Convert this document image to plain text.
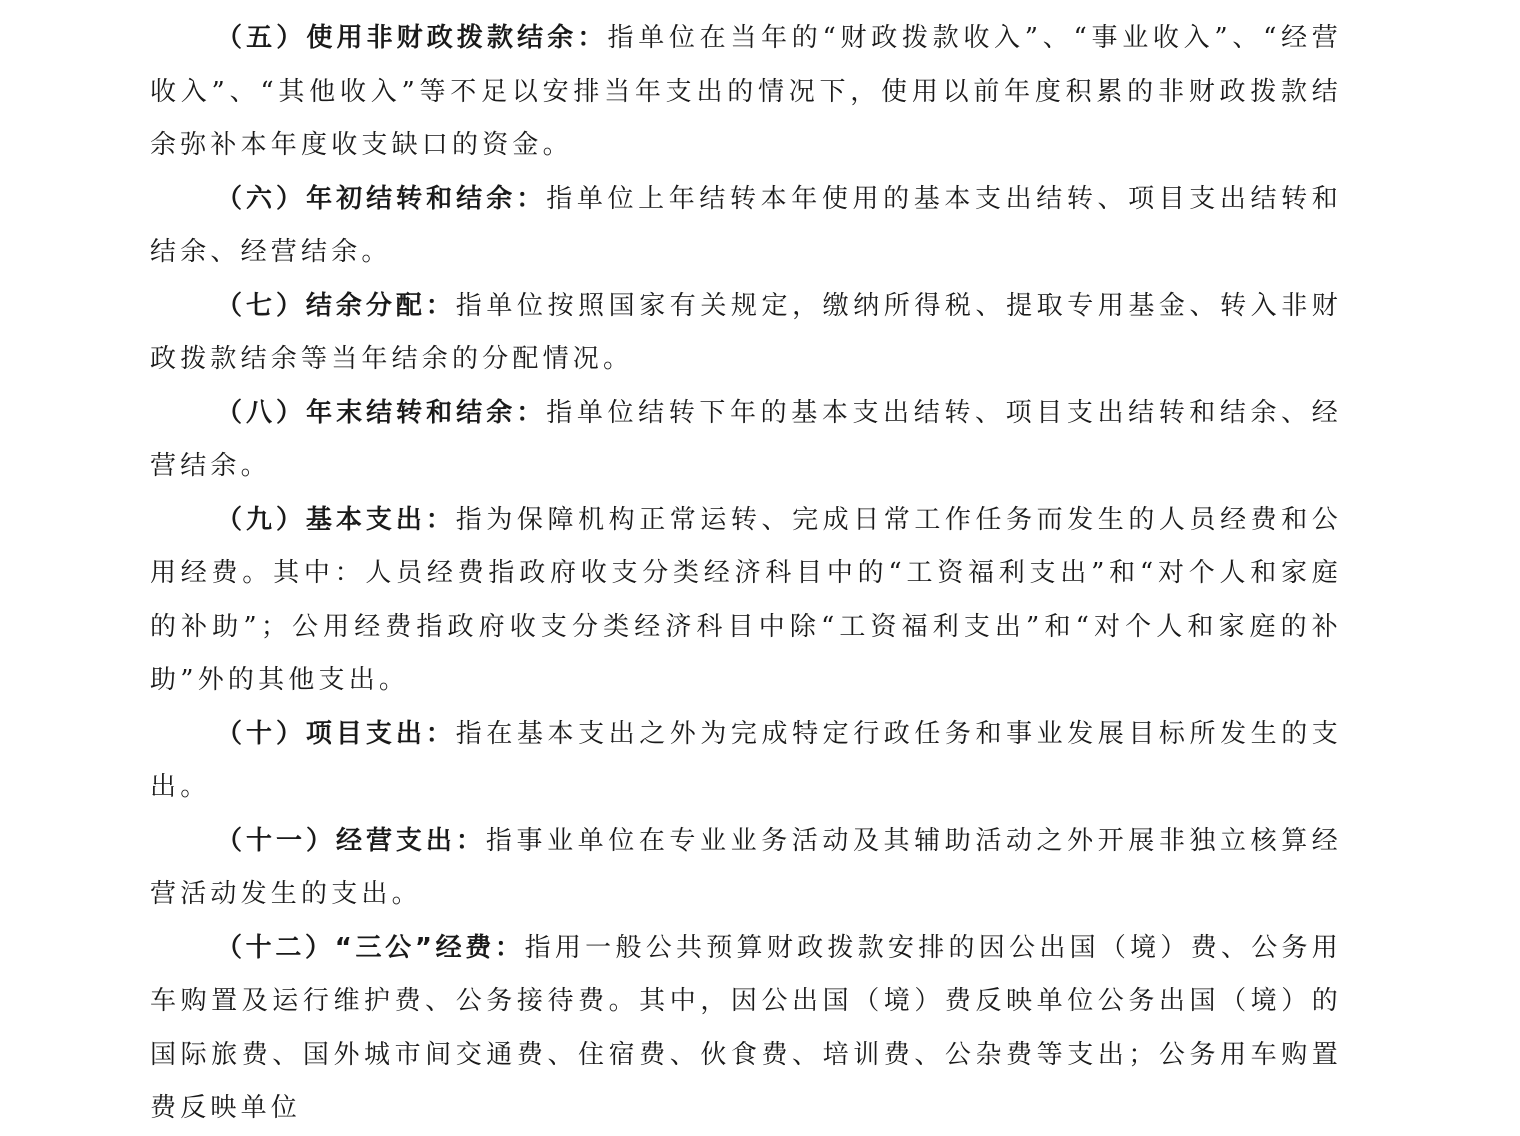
（五）使用非财政拨款结余：指单位在当年的“财政拨款收入”、“事业收入”、“经营收入”、“其他收入”等不足以安排当年支出的情况下，使用以前年度积累的非财政拨款结余弥补本年度收支缺口的资金。

（六）年初结转和结余：指单位上年结转本年使用的基本支出结转、项目支出结转和结余、经营结余。

（七）结余分配：指单位按照国家有关规定，缴纳所得税、提取专用基金、转入非财政拨款结余等当年结余的分配情况。

（八）年末结转和结余：指单位结转下年的基本支出结转、项目支出结转和结余、经营结余。

（九）基本支出：指为保障机构正常运转、完成日常工作任务而发生的人员经费和公用经费。其中：人员经费指政府收支分类经济科目中的“工资福利支出”和“对个人和家庭的补助”；公用经费指政府收支分类经济科目中除“工资福利支出”和“对个人和家庭的补助”外的其他支出。

（十）项目支出：指在基本支出之外为完成特定行政任务和事业发展目标所发生的支出。

（十一）经营支出：指事业单位在专业业务活动及其辅助活动之外开展非独立核算经营活动发生的支出。

（十二）“三公”经费：指用一般公共预算财政拨款安排的因公出国（境）费、公务用车购置及运行维护费、公务接待费。其中，因公出国（境）费反映单位公务出国（境）的国际旅费、国外城市间交通费、住宿费、伙食费、培训费、公杂费等支出；公务用车购置费反映单位
